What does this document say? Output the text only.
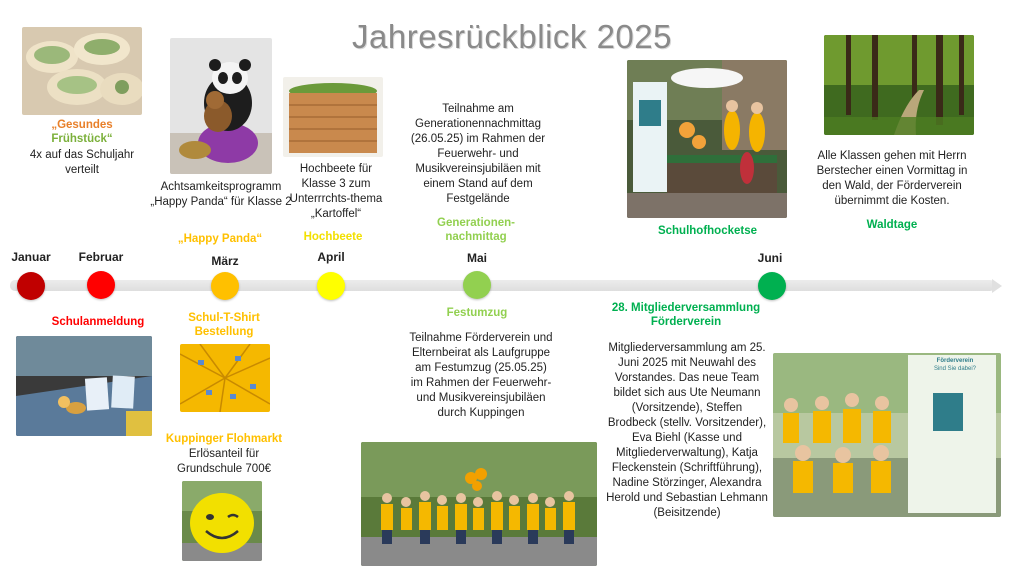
Jahresrückblick 2025
„Gesundes
Frühstück“
4x auf das Schuljahr verteilt
Achtsamkeitsprogramm „Happy Panda“ für Klasse 2
„Happy Panda“
Hochbeete für Klasse 3 zum Unterrrchts-thema „Kartoffel“
Hochbeete
Teilnahme am Generationennachmittag (26.05.25) im Rahmen der Feuerwehr- und Musikvereinsjubiläen mit einem Stand auf dem Festgelände
Generationen-nachmittag	Schulhofhocketse
Alle Klassen gehen mit Herrn Berstecher einen Vormittag in den Wald, der Förderverein übernimmt die Kosten.
Waldtage
Januar	Februar	März	April	Mai	Juni
Schulanmeldung	Schul-T-Shirt Bestellung
Kuppinger Flohmarkt
Erlösanteil für Grundschule 700€
Festumzug
Teilnahme Förderverein und Elternbeirat als Laufgruppe am Festumzug (25.05.25) im Rahmen der Feuerwehr- und Musikvereinsjubiläen durch Kuppingen
28. Mitgliederversammlung Förderverein
Mitgliederversammlung am 25. Juni 2025 mit Neuwahl des Vorstandes. Das neue Team bildet sich aus Ute Neumann (Vorsitzende), Steffen Brodbeck (stellv. Vorsitzender), Eva Biehl (Kasse und Mitgliederverwaltung), Katja Fleckenstein (Schriftführung), Nadine Störzinger, Alexandra Herold und Sebastian Lehmann (Beisitzende)
Förderverein
Sind Sie dabei?
